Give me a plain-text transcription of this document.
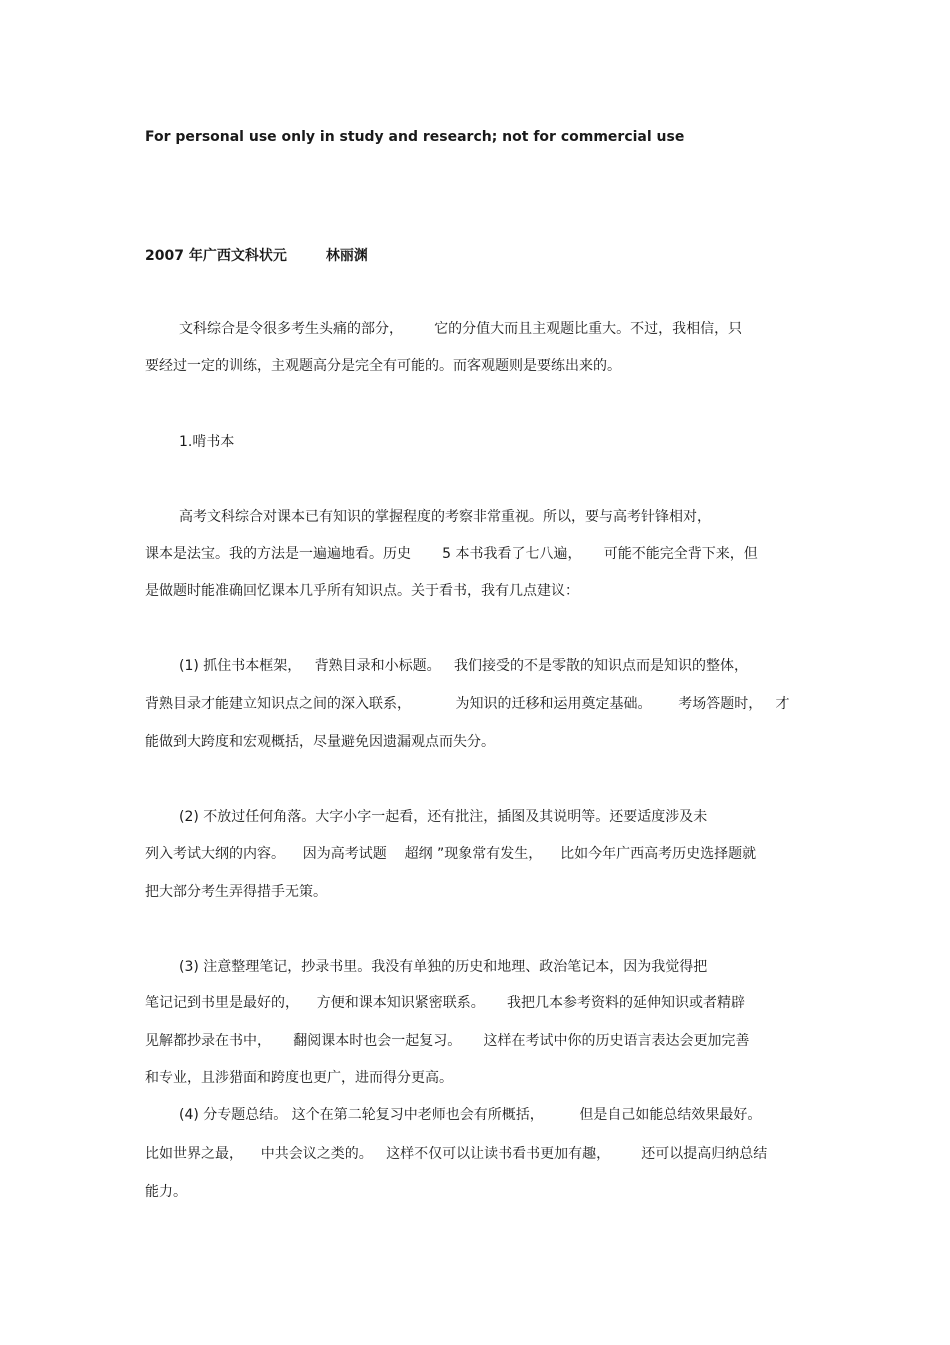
For personal use only in study and research; not for commercial use

2007 年广西文科状元        林丽渊

文科综合是令很多考生头痛的部分，       它的分值大而且主观题比重大。不过，我相信，只

要经过一定的训练，主观题高分是完全有可能的。而客观题则是要练出来的。

1.啃书本

高考文科综合对课本已有知识的掌握程度的考察非常重视。所以，要与高考针锋相对，

课本是法宝。我的方法是一遍遍地看。历史       5 本书我看了七八遍，     可能不能完全背下来，但

是做题时能准确回忆课本几乎所有知识点。关于看书，我有几点建议：

(1) 抓住书本框架，   背熟目录和小标题。   我们接受的不是零散的知识点而是知识的整体，

背熟目录才能建立知识点之间的深入联系，          为知识的迁移和运用奠定基础。      考场答题时，   才

能做到大跨度和宏观概括，尽量避免因遗漏观点而失分。

(2) 不放过任何角落。大字小字一起看，还有批注，插图及其说明等。还要适度涉及未

列入考试大纲的内容。    因为高考试题    超纲 ”现象常有发生，    比如今年广西高考历史选择题就

把大部分考生弄得措手无策。

(3) 注意整理笔记，抄录书里。我没有单独的历史和地理、政治笔记本，因为我觉得把

笔记记到书里是最好的，    方便和课本知识紧密联系。     我把几本参考资料的延伸知识或者精辟

见解都抄录在书中，     翻阅课本时也会一起复习。     这样在考试中你的历史语言表达会更加完善

和专业，且涉猎面和跨度也更广，进而得分更高。

(4) 分专题总结。 这个在第二轮复习中老师也会有所概括，        但是自己如能总结效果最好。

比如世界之最，    中共会议之类的。   这样不仅可以让读书看书更加有趣，       还可以提高归纳总结

能力。
